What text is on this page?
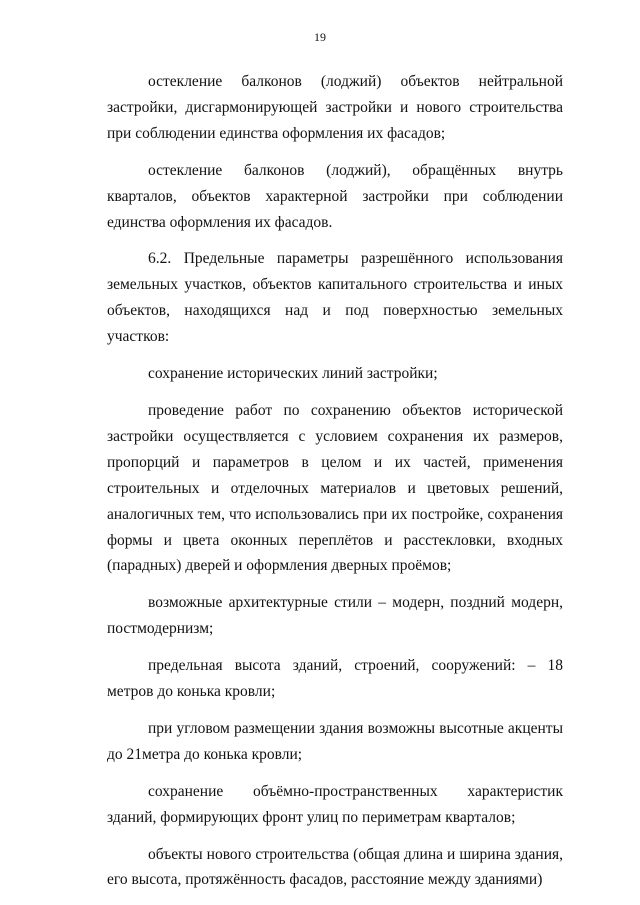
19

остекление балконов (лоджий) объектов нейтральной застройки, дисгармонирующей застройки и нового строительства при соблюдении единства оформления их фасадов;

остекление балконов (лоджий), обращённых внутрь кварталов, объектов характерной застройки при соблюдении единства оформления их фасадов.

6.2. Предельные параметры разрешённого использования земельных участков, объектов капитального строительства и иных объектов, находящихся над и под поверхностью земельных участков:

сохранение исторических линий застройки;

проведение работ по сохранению объектов исторической застройки осуществляется с условием сохранения их размеров, пропорций и параметров в целом и их частей, применения строительных и отделочных материалов и цветовых решений, аналогичных тем, что использовались при их постройке, сохранения формы и цвета оконных переплётов и расстекловки, входных (парадных) дверей и оформления дверных проёмов;

возможные архитектурные стили – модерн, поздний модерн, постмодернизм;

предельная высота зданий, строений, сооружений: – 18 метров до конька кровли;

при угловом размещении здания возможны высотные акценты до 21метра до конька кровли;

сохранение объёмно-пространственных характеристик зданий, формирующих фронт улиц по периметрам кварталов;

объекты нового строительства (общая длина и ширина здания, его высота, протяжённость фасадов, расстояние между зданиями)
